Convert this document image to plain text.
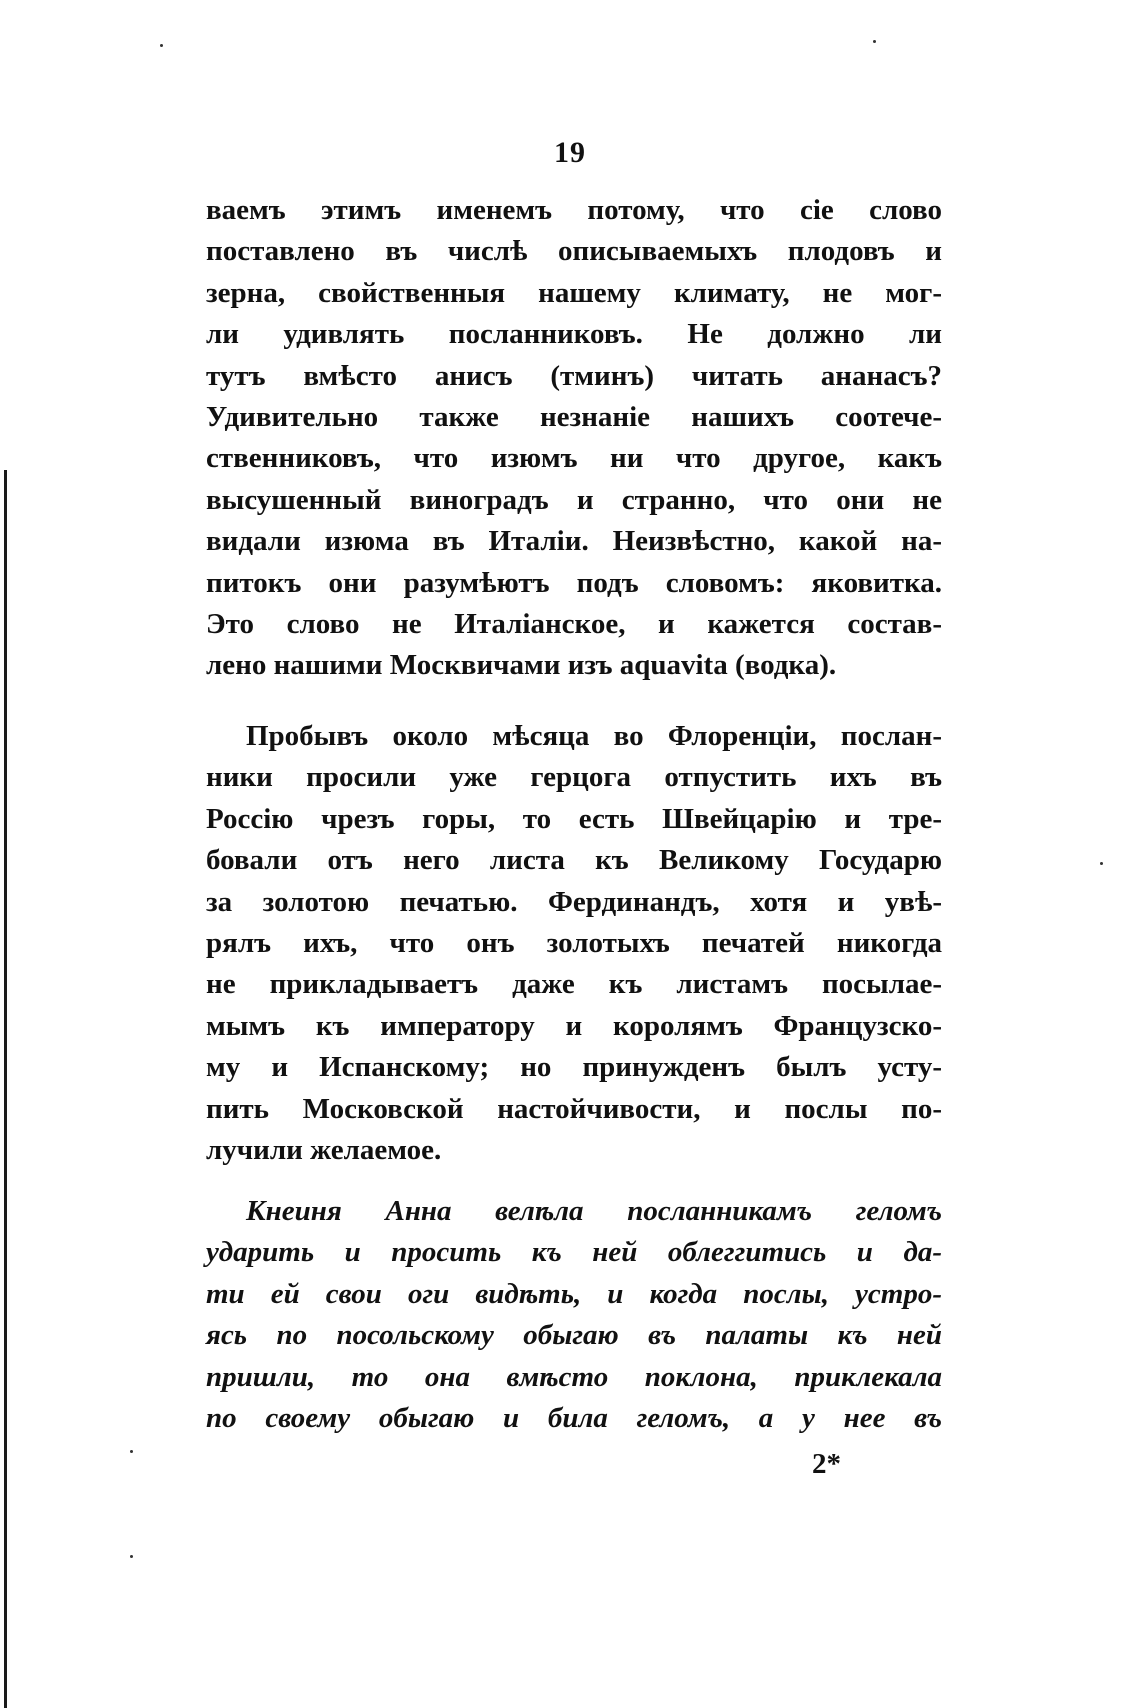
19
ваемъ этимъ именемъ потому, что сіе слово
поставлено въ числѣ описываемыхъ плодовъ и
зерна, свойственныя нашему климату, не мог-
ли удивлять посланниковъ. Не должно ли
тутъ вмѣсто анисъ (тминъ) читать ананасъ?
Удивительно также незнаніе нашихъ соотече-
ственниковъ, что изюмъ ни что другое, какъ
высушенный виноградъ и странно, что они не
видали изюма въ Италіи. Неизвѣстно, какой на-
питокъ они разумѣютъ подъ словомъ: яковитка.
Это слово не Италіанское, и кажется состав-
лено нашими Москвичами изъ aquavita (водка).
Пробывъ около мѣсяца во Флоренціи, послан-
ники просили уже герцога отпустить ихъ въ
Россію чрезъ горы, то есть Швейцарію и тре-
бовали отъ него листа къ Великому Государю
за золотою печатью. Фердинандъ, хотя и увѣ-
рялъ ихъ, что онъ золотыхъ печатей никогда
не прикладываетъ даже къ листамъ посылае-
мымъ къ императору и королямъ Французско-
му и Испанскому; но принужденъ былъ усту-
пить Московской настойчивости, и послы по-
лучили желаемое.
Кнеиня Анна велѣла посланникамъ геломъ
ударить и просить къ ней облеггитись и да-
ти ей свои оги видѣть, и когда послы, устро-
ясь по посольскому обыгаю въ палаты къ ней
пришли, то она вмѣсто поклона, приклекала
по своему обыгаю и била геломъ, а у нее въ
2*
